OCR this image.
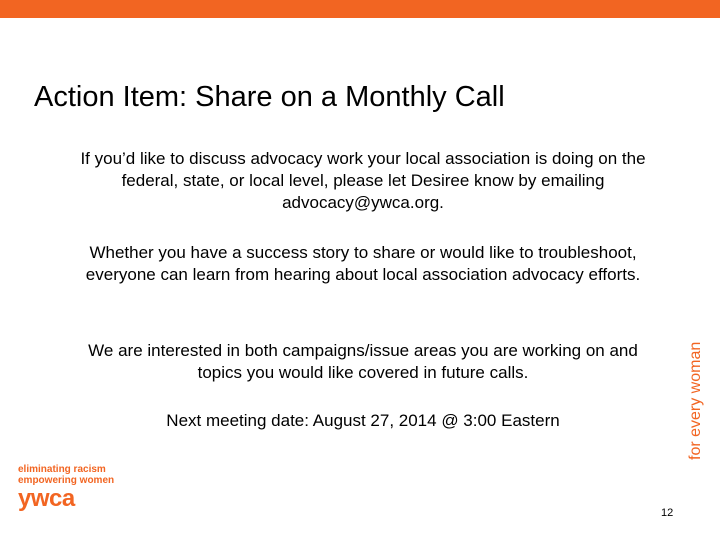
Action Item: Share on a Monthly Call

If you’d like to discuss advocacy work your local association is doing on the federal, state, or local level, please let Desiree know by emailing advocacy@ywca.org.

Whether you have a success story to share or would like to troubleshoot, everyone can learn from hearing about local association advocacy efforts.

We are interested in both campaigns/issue areas you are working on and topics you would like covered in future calls.

Next meeting date: August 27, 2014 @ 3:00 Eastern	for every woman
eliminating racism
empowering women
ywca
12
